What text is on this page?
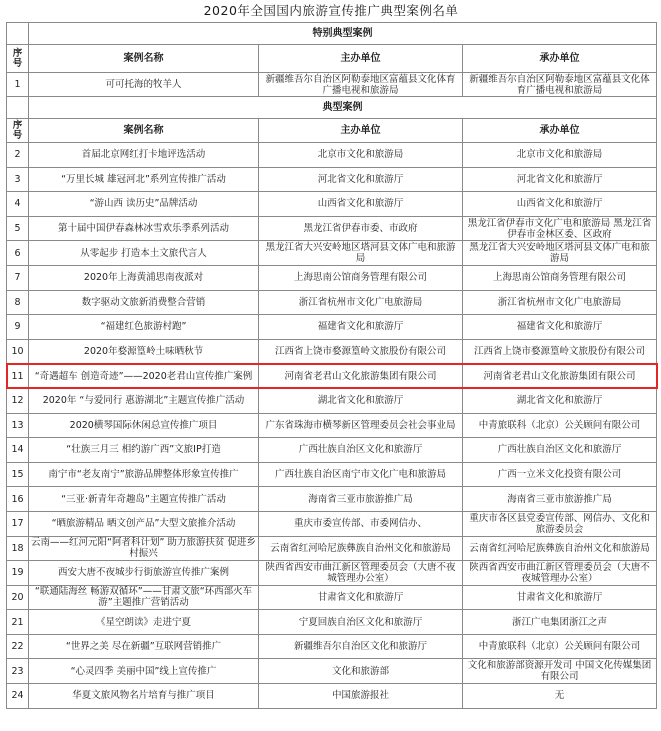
2020年全国国内旅游宣传推广典型案例名单
	特别典型案例		
序号	案例名称	主办单位	承办单位
1	可可托海的牧羊人	新疆维吾尔自治区阿勒泰地区富蕴县文化体育广播电视和旅游局	新疆维吾尔自治区阿勒泰地区富蕴县文化体育广播电视和旅游局
	典型案例		
序号	案例名称	主办单位	承办单位
2	首届北京网红打卡地评选活动	北京市文化和旅游局	北京市文化和旅游局
3	“万里长城 雄冠河北”系列宣传推广活动	河北省文化和旅游厅	河北省文化和旅游厅
4	“游山西 读历史”品牌活动	山西省文化和旅游厅	山西省文化和旅游厅
5	第十届中国伊春森林冰雪欢乐季系列活动	黑龙江省伊春市委、市政府	黑龙江省伊春市文化广电和旅游局 黑龙江省伊春市金林区委、区政府
6	从零起步 打造本土文旅代言人	黑龙江省大兴安岭地区塔河县文体广电和旅游局	黑龙江省大兴安岭地区塔河县文体广电和旅游局
7	2020年上海黄浦思南夜派对	上海思南公馆商务管理有限公司	上海思南公馆商务管理有限公司
8	数字驱动文旅新消费整合营销	浙江省杭州市文化广电旅游局	浙江省杭州市文化广电旅游局
9	“福建红色旅游村跑”	福建省文化和旅游厅	福建省文化和旅游厅
10	2020年婺源篁岭土味晒秋节	江西省上饶市婺源篁岭文旅股份有限公司	江西省上饶市婺源篁岭文旅股份有限公司
11	“奇遇超车 创造奇迹”——2020老君山宣传推广案例	河南省老君山文化旅游集团有限公司	河南省老君山文化旅游集团有限公司
12	2020年 “与爱同行 惠游湖北”主题宣传推广活动	湖北省文化和旅游厅	湖北省文化和旅游厅
13	2020横琴国际休闲总宣传推广项目	广东省珠海市横琴新区管理委员会社会事业局	中青旅联科（北京）公关顾问有限公司
14	“壮族三月三 相约游广西”文旅IP打造	广西壮族自治区文化和旅游厅	广西壮族自治区文化和旅游厅
15	南宁市“老友南宁”旅游品牌整体形象宣传推广	广西壮族自治区南宁市文化广电和旅游局	广西一立米文化投资有限公司
16	“三亚·新青年奇趣岛”主题宣传推广活动	海南省三亚市旅游推广局	海南省三亚市旅游推广局
17	“晒旅游精品 晒文创产品”大型文旅推介活动	重庆市委宣传部、市委网信办、	重庆市各区县党委宣传部、网信办、文化和旅游委员会
18	云南——红河元阳“阿者科计划” 助力旅游扶贫 促进乡村振兴	云南省红河哈尼族彝族自治州文化和旅游局	云南省红河哈尼族彝族自治州文化和旅游局
19	西安大唐不夜城步行街旅游宣传推广案例	陕西省西安市曲江新区管理委员会（大唐不夜城管理办公室）	陕西省西安市曲江新区管理委员会（大唐不夜城管理办公室）
20	“联通陆海丝 畅游双循环”——甘肃文旅“环西部火车游”主题推广营销活动	甘肃省文化和旅游厅	甘肃省文化和旅游厅
21	《星空朗读》走进宁夏	宁夏回族自治区文化和旅游厅	浙江广电集团浙江之声
22	“世界之美 尽在新疆”互联网营销推广	新疆维吾尔自治区文化和旅游厅	中青旅联科（北京）公关顾问有限公司
23	“心灵四季 美丽中国”线上宣传推广	文化和旅游部	文化和旅游部资源开发司 中国文化传媒集团有限公司
24	华夏文旅风物名片培育与推广项目	中国旅游报社	无
